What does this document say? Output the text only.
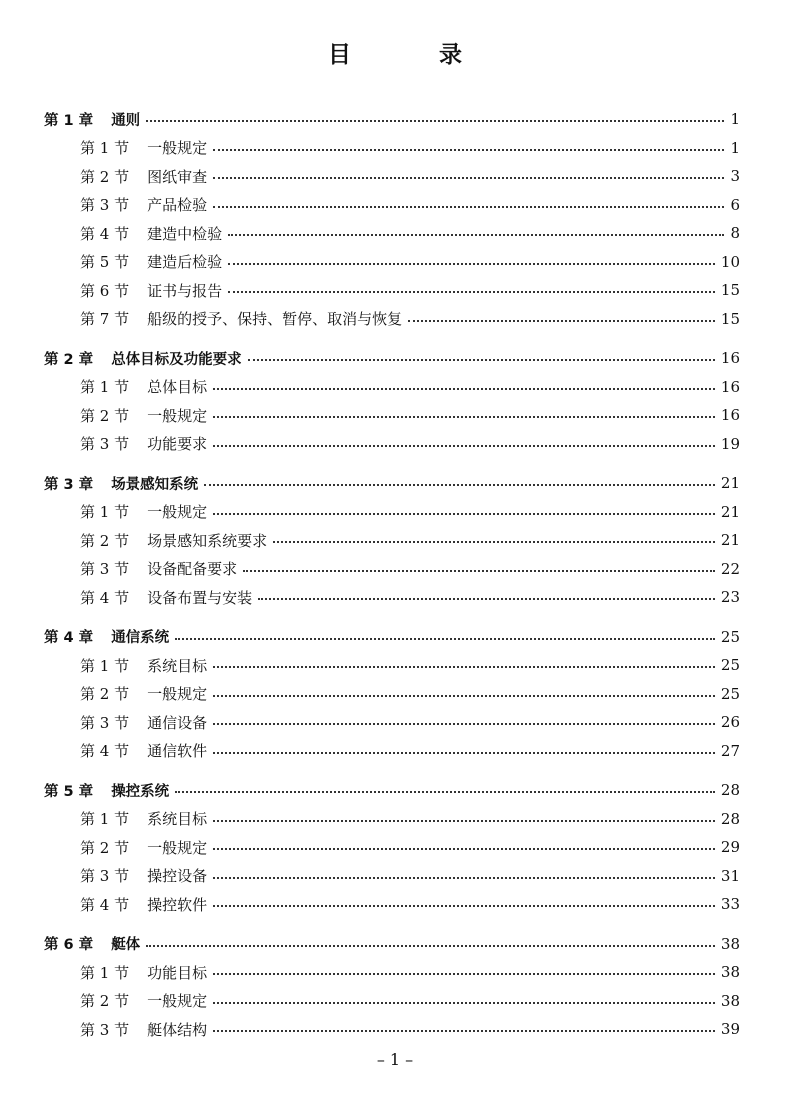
目 录
第 1 章 通则	1
第 1 节 一般规定	1
第 2 节 图纸审查	3
第 3 节 产品检验	6
第 4 节 建造中检验	8
第 5 节 建造后检验	10
第 6 节 证书与报告	15
第 7 节 船级的授予、保持、暂停、取消与恢复	15
第 2 章 总体目标及功能要求	16
第 1 节 总体目标	16
第 2 节 一般规定	16
第 3 节 功能要求	19
第 3 章 场景感知系统	21
第 1 节 一般规定	21
第 2 节 场景感知系统要求	21
第 3 节 设备配备要求	22
第 4 节 设备布置与安装	23
第 4 章 通信系统	25
第 1 节 系统目标	25
第 2 节 一般规定	25
第 3 节 通信设备	26
第 4 节 通信软件	27
第 5 章 操控系统	28
第 1 节 系统目标	28
第 2 节 一般规定	29
第 3 节 操控设备	31
第 4 节 操控软件	33
第 6 章 艇体	38
第 1 节 功能目标	38
第 2 节 一般规定	38
第 3 节 艇体结构	39
– 1 –
